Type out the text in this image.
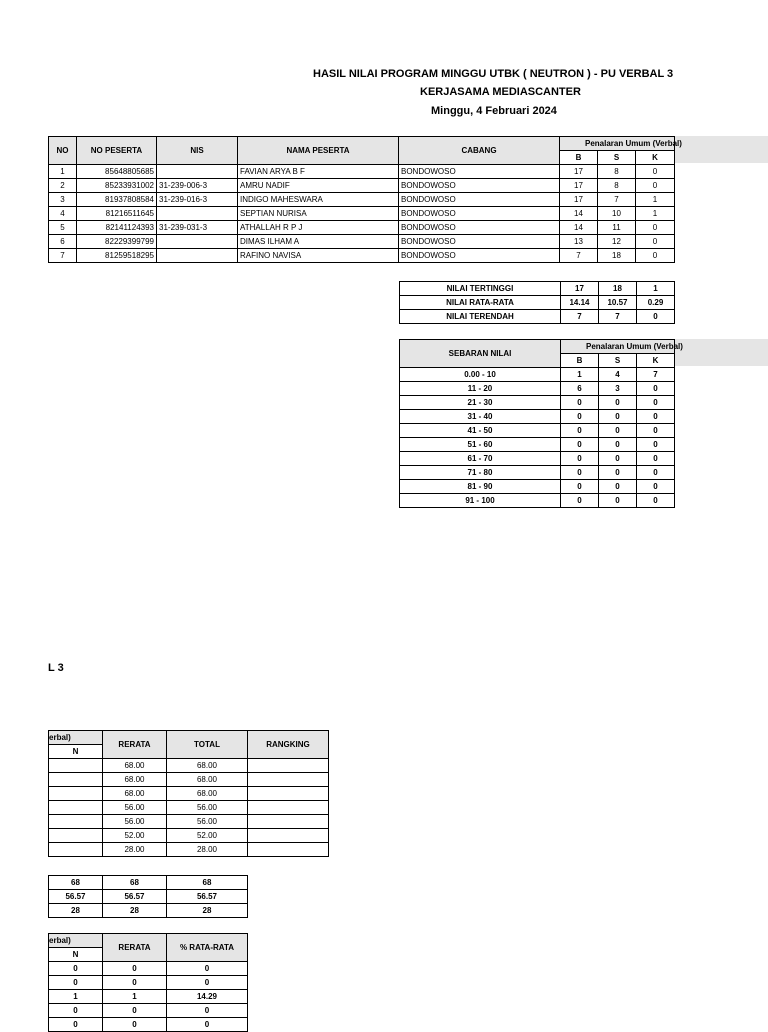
HASIL NILAI PROGRAM MINGGU UTBK ( NEUTRON ) - PU VERBAL 3
KERJASAMA MEDIASCANTER
Minggu, 4 Februari 2024
NO	NO PESERTA	NIS	NAMA PESERTA	CABANG	Penalaran Umum (Verbal)		
					B	S	K
1	85648805685		FAVIAN ARYA B F	BONDOWOSO	17	8	0
2	85233931002	31-239-006-3	AMRU NADIF	BONDOWOSO	17	8	0
3	81937808584	31-239-016-3	INDIGO MAHESWARA	BONDOWOSO	17	7	1
4	81216511645		SEPTIAN NURISA	BONDOWOSO	14	10	1
5	82141124393	31-239-031-3	ATHALLAH R P J	BONDOWOSO	14	11	0
6	82229399799		DIMAS ILHAM A	BONDOWOSO	13	12	0
7	81259518295		RAFINO NAVISA	BONDOWOSO	7	18	0
NILAI TERTINGGI	17	18	1
NILAI RATA-RATA	14.14	10.57	0.29
NILAI TERENDAH	7	7	0
SEBARAN NILAI	Penalaran Umum (Verbal)		
	B	S	K
0.00 - 10	1	4	7
11 - 20	6	3	0
21 - 30	0	0	0
31 - 40	0	0	0
41 - 50	0	0	0
51 - 60	0	0	0
61 - 70	0	0	0
71 - 80	0	0	0
81 - 90	0	0	0
91 - 100	0	0	0
L 3
erbal)	RERATA	TOTAL	RANGKING
N			
	68.00	68.00	
	68.00	68.00	
	68.00	68.00	
	56.00	56.00	
	56.00	56.00	
	52.00	52.00	
	28.00	28.00	
68	68	68
56.57	56.57	56.57
28	28	28
erbal)	RERATA	% RATA-RATA
N		
0	0	0
0	0	0
1	1	14.29
0	0	0
0	0	0
